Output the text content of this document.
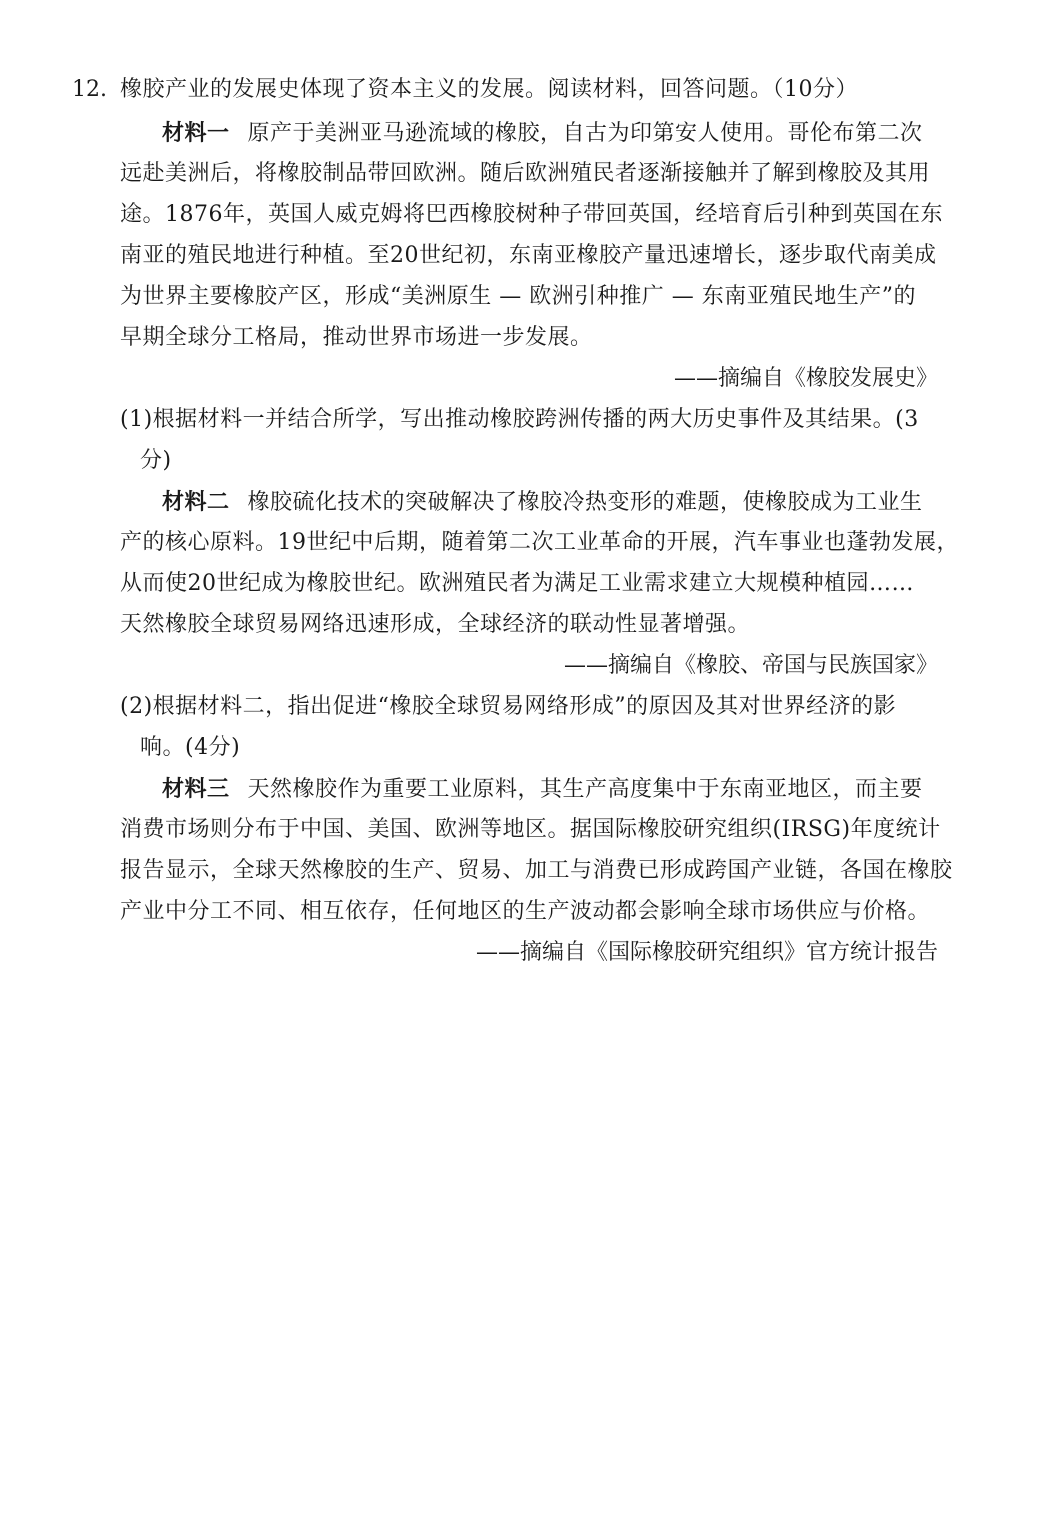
12. 橡胶产业的发展史体现了资本主义的发展。阅读材料，回答问题。（10分）
材料一 原产于美洲亚马逊流域的橡胶，自古为印第安人使用。哥伦布第二次
远赴美洲后，将橡胶制品带回欧洲。随后欧洲殖民者逐渐接触并了解到橡胶及其用
途。1876年，英国人威克姆将巴西橡胶树种子带回英国，经培育后引种到英国在东
南亚的殖民地进行种植。至20世纪初，东南亚橡胶产量迅速增长，逐步取代南美成
为世界主要橡胶产区，形成“美洲原生 — 欧洲引种推广 — 东南亚殖民地生产”的
早期全球分工格局，推动世界市场进一步发展。
——摘编自《橡胶发展史》
(1)根据材料一并结合所学，写出推动橡胶跨洲传播的两大历史事件及其结果。(3
分)
材料二 橡胶硫化技术的突破解决了橡胶冷热变形的难题，使橡胶成为工业生
产的核心原料。19世纪中后期，随着第二次工业革命的开展，汽车事业也蓬勃发展，
从而使20世纪成为橡胶世纪。欧洲殖民者为满足工业需求建立大规模种植园……
天然橡胶全球贸易网络迅速形成，全球经济的联动性显著增强。
——摘编自《橡胶、帝国与民族国家》
(2)根据材料二，指出促进“橡胶全球贸易网络形成”的原因及其对世界经济的影
响。(4分)
材料三 天然橡胶作为重要工业原料，其生产高度集中于东南亚地区，而主要
消费市场则分布于中国、美国、欧洲等地区。据国际橡胶研究组织(IRSG)年度统计
报告显示，全球天然橡胶的生产、贸易、加工与消费已形成跨国产业链，各国在橡胶
产业中分工不同、相互依存，任何地区的生产波动都会影响全球市场供应与价格。
——摘编自《国际橡胶研究组织》官方统计报告
